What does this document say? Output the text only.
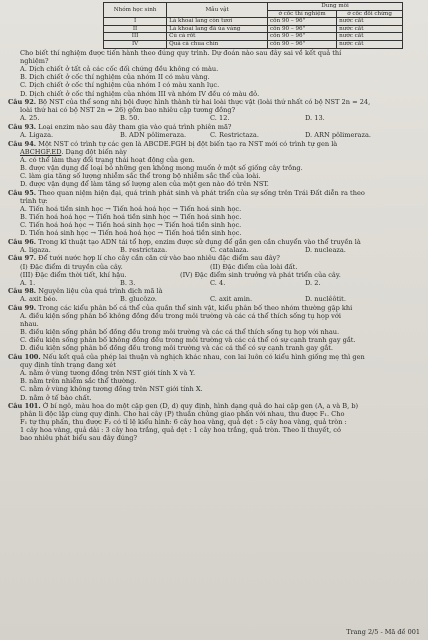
Nhóm học sinh	Mẫu vật	Dung môi	
		ở cốc thí nghiệm	ở cốc đối chứng
I	Lá khoai lang còn tươi	cồn 90 – 96°	nước cất
II	Lá khoai lang đã úa vàng	cồn 90 – 96°	nước cất
III	Củ cà rốt	cồn 90 – 96°	nước cất
IV	Quả cà chua chín	cồn 90 – 96°	nước cất
Cho biết thí nghiệm được tiến hành theo đúng quy trình. Dự đoán nào sau đây sai về kết quả thí
nghiệm?
A. Dịch chiết ở tất cả các cốc đối chứng đều không có màu.
B. Dịch chiết ở cốc thí nghiệm của nhóm II có màu vàng.
C. Dịch chiết ở cốc thí nghiệm của nhóm I có màu xanh lục.
D. Dịch chiết ở cốc thí nghiệm của nhóm III và nhóm IV đều có màu đỏ.
Câu 92. Bộ NST của thể song nhị bội được hình thành từ hai loài thực vật (loài thứ nhất có bộ NST 2n = 24,
loài thứ hai có bộ NST 2n = 26) gồm bao nhiêu cặp tương đồng?
A. 25.	B. 50.	C. 12.	D. 13.
Câu 93. Loại enzim nào sau đây tham gia vào quá trình phiên mã?
A. Ligaza.	B. ADN pôlimeraza.	C. Restrictaza.	D. ARN pôlimeraza.
Câu 94. Một NST có trình tự các gen là ABCDE.FGH bị đột biến tạo ra NST mới có trình tự gen là
ABCHGF.ED. Dạng đột biến này
A. có thể làm thay đổi trạng thái hoạt động của gen.
B. được vận dụng để loại bỏ những gen không mong muốn ở một số giống cây trồng.
C. làm gia tăng số lượng nhiễm sắc thể trong bộ nhiễm sắc thể của loài.
D. được vận dụng để làm tăng số lượng alen của một gen nào đó trên NST.
Câu 95. Theo quan niệm hiện đại, quá trình phát sinh và phát triển của sự sống trên Trái Đất diễn ra theo
trình tự:
A. Tiến hoá tiền sinh học → Tiến hoá hoá học → Tiến hoá sinh học.
B. Tiến hoá hoá học → Tiến hoá tiền sinh học → Tiến hoá sinh học.
C. Tiến hoá hoá học → Tiến hoá sinh học → Tiến hoá tiền sinh học.
D. Tiến hoá sinh học → Tiến hoá hoá học → Tiến hoá tiền sinh học.
Câu 96. Trong kĩ thuật tạo ADN tái tổ hợp, enzim được sử dụng để gắn gen cần chuyển vào thể truyền là
A. ligaza.	B. restrictaza.	C. catalaza.	D. nucleaza.
Câu 97. Để tưới nước hợp lí cho cây cần căn cứ vào bao nhiêu đặc điểm sau đây?
(I) Đặc điểm di truyền của cây.	(II) Đặc điểm của loài đất.
(III) Đặc điểm thời tiết, khí hậu.	(IV) Đặc điểm sinh trưởng và phát triển của cây.
A. 1.	B. 3.	C. 4.	D. 2.
Câu 98. Nguyên liệu của quá trình dịch mã là
A. axit béo.	B. glucôzơ.	C. axit amin.	D. nuclêôtit.
Câu 99. Trong các kiểu phân bố cá thể của quần thể sinh vật, kiểu phân bố theo nhóm thường gặp khi
A. điều kiện sống phân bố không đồng đều trong môi trường và các cá thể thích sống tụ họp với
nhau.
B. điều kiện sống phân bố đồng đều trong môi trường và các cá thể thích sống tụ họp với nhau.
C. điều kiện sống phân bố không đồng đều trong môi trường và các cá thể có sự cạnh tranh gay gắt.
D. điều kiện sống phân bố đồng đều trong môi trường và các cá thể có sự cạnh tranh gay gắt.
Câu 100. Nếu kết quả của phép lai thuận và nghịch khác nhau, con lai luôn có kiểu hình giống mẹ thì gen
quy định tính trạng đang xét
A. nằm ở vùng tương đồng trên NST giới tính X và Y.
B. nằm trên nhiễm sắc thể thường.
C. nằm ở vùng không tương đồng trên NST giới tính X.
D. nằm ở tế bào chất.
Câu 101. Ở bí ngô, màu hoa do một cặp gen (D, d) quy định, hình dạng quả do hai cặp gen (A, a và B, b)
phân li độc lập cùng quy định. Cho hai cây (P) thuần chủng giao phấn với nhau, thu được F₁. Cho
F₁ tự thụ phấn, thu được F₂ có tỉ lệ kiểu hình: 6 cây hoa vàng, quả dẹt : 5 cây hoa vàng, quả tròn :
1 cây hoa vàng, quả dài : 3 cây hoa trắng, quả dẹt : 1 cây hoa trắng, quả tròn. Theo lí thuyết, có
bao nhiêu phát biểu sau đây đúng?
Trang 2/5 - Mã đề 001
